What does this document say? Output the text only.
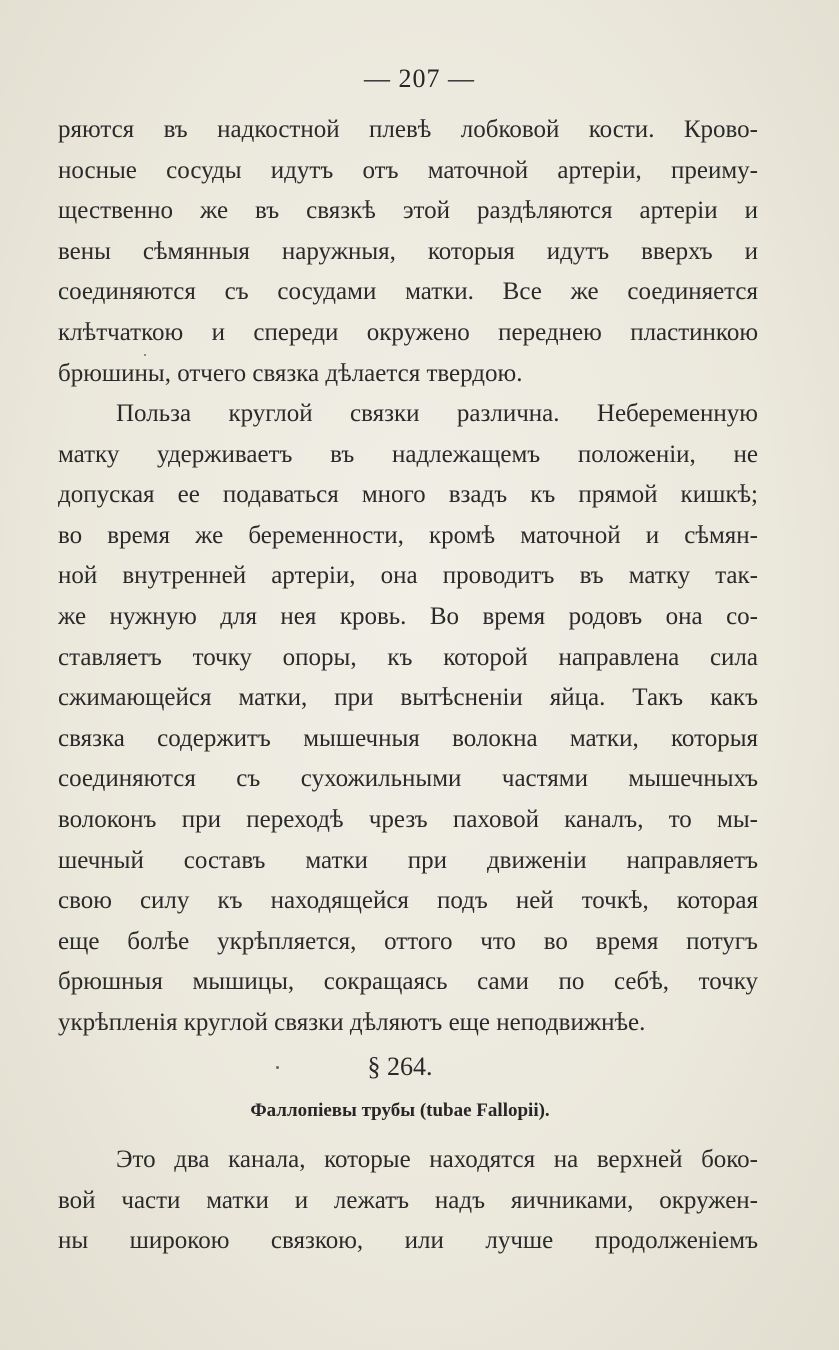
— 207 —
ряются въ надкостной плевѣ лобковой кости. Крово-
носные сосуды идутъ отъ маточной артеріи, преиму-
щественно же въ связкѣ этой раздѣляются артеріи и
вены сѣмянныя наружныя, которыя идутъ вверхъ и
соединяются съ сосудами матки. Все же соединяется
клѣтчаткою и спереди окружено переднею пластинкою
брюшины, отчего связка дѣлается твердою.
Польза круглой связки различна. Небеременную
матку удерживаетъ въ надлежащемъ положеніи, не
допуская ее подаваться много взадъ къ прямой кишкѣ;
во время же беременности, кромѣ маточной и сѣмян-
ной внутренней артеріи, она проводитъ въ матку так-
же нужную для нея кровь. Во время родовъ она со-
ставляетъ точку опоры, къ которой направлена сила
сжимающейся матки, при вытѣсненіи яйца. Такъ какъ
связка содержитъ мышечныя волокна матки, которыя
соединяются съ сухожильными частями мышечныхъ
волоконъ при переходѣ чрезъ паховой каналъ, то мы-
шечный составъ матки при движеніи направляетъ
свою силу къ находящейся подъ ней точкѣ, которая
еще болѣе укрѣпляется, оттого что во время потугъ
брюшныя мышицы, сокращаясь сами по себѣ, точку
укрѣпленія круглой связки дѣляютъ еще неподвижнѣе.
§ 264.
Фаллопіевы трубы (tubae Fallopii).
Это два канала, которые находятся на верхней боко-
вой части матки и лежатъ надъ яичниками, окружен-
ны широкою связкою, или лучше продолженіемъ
